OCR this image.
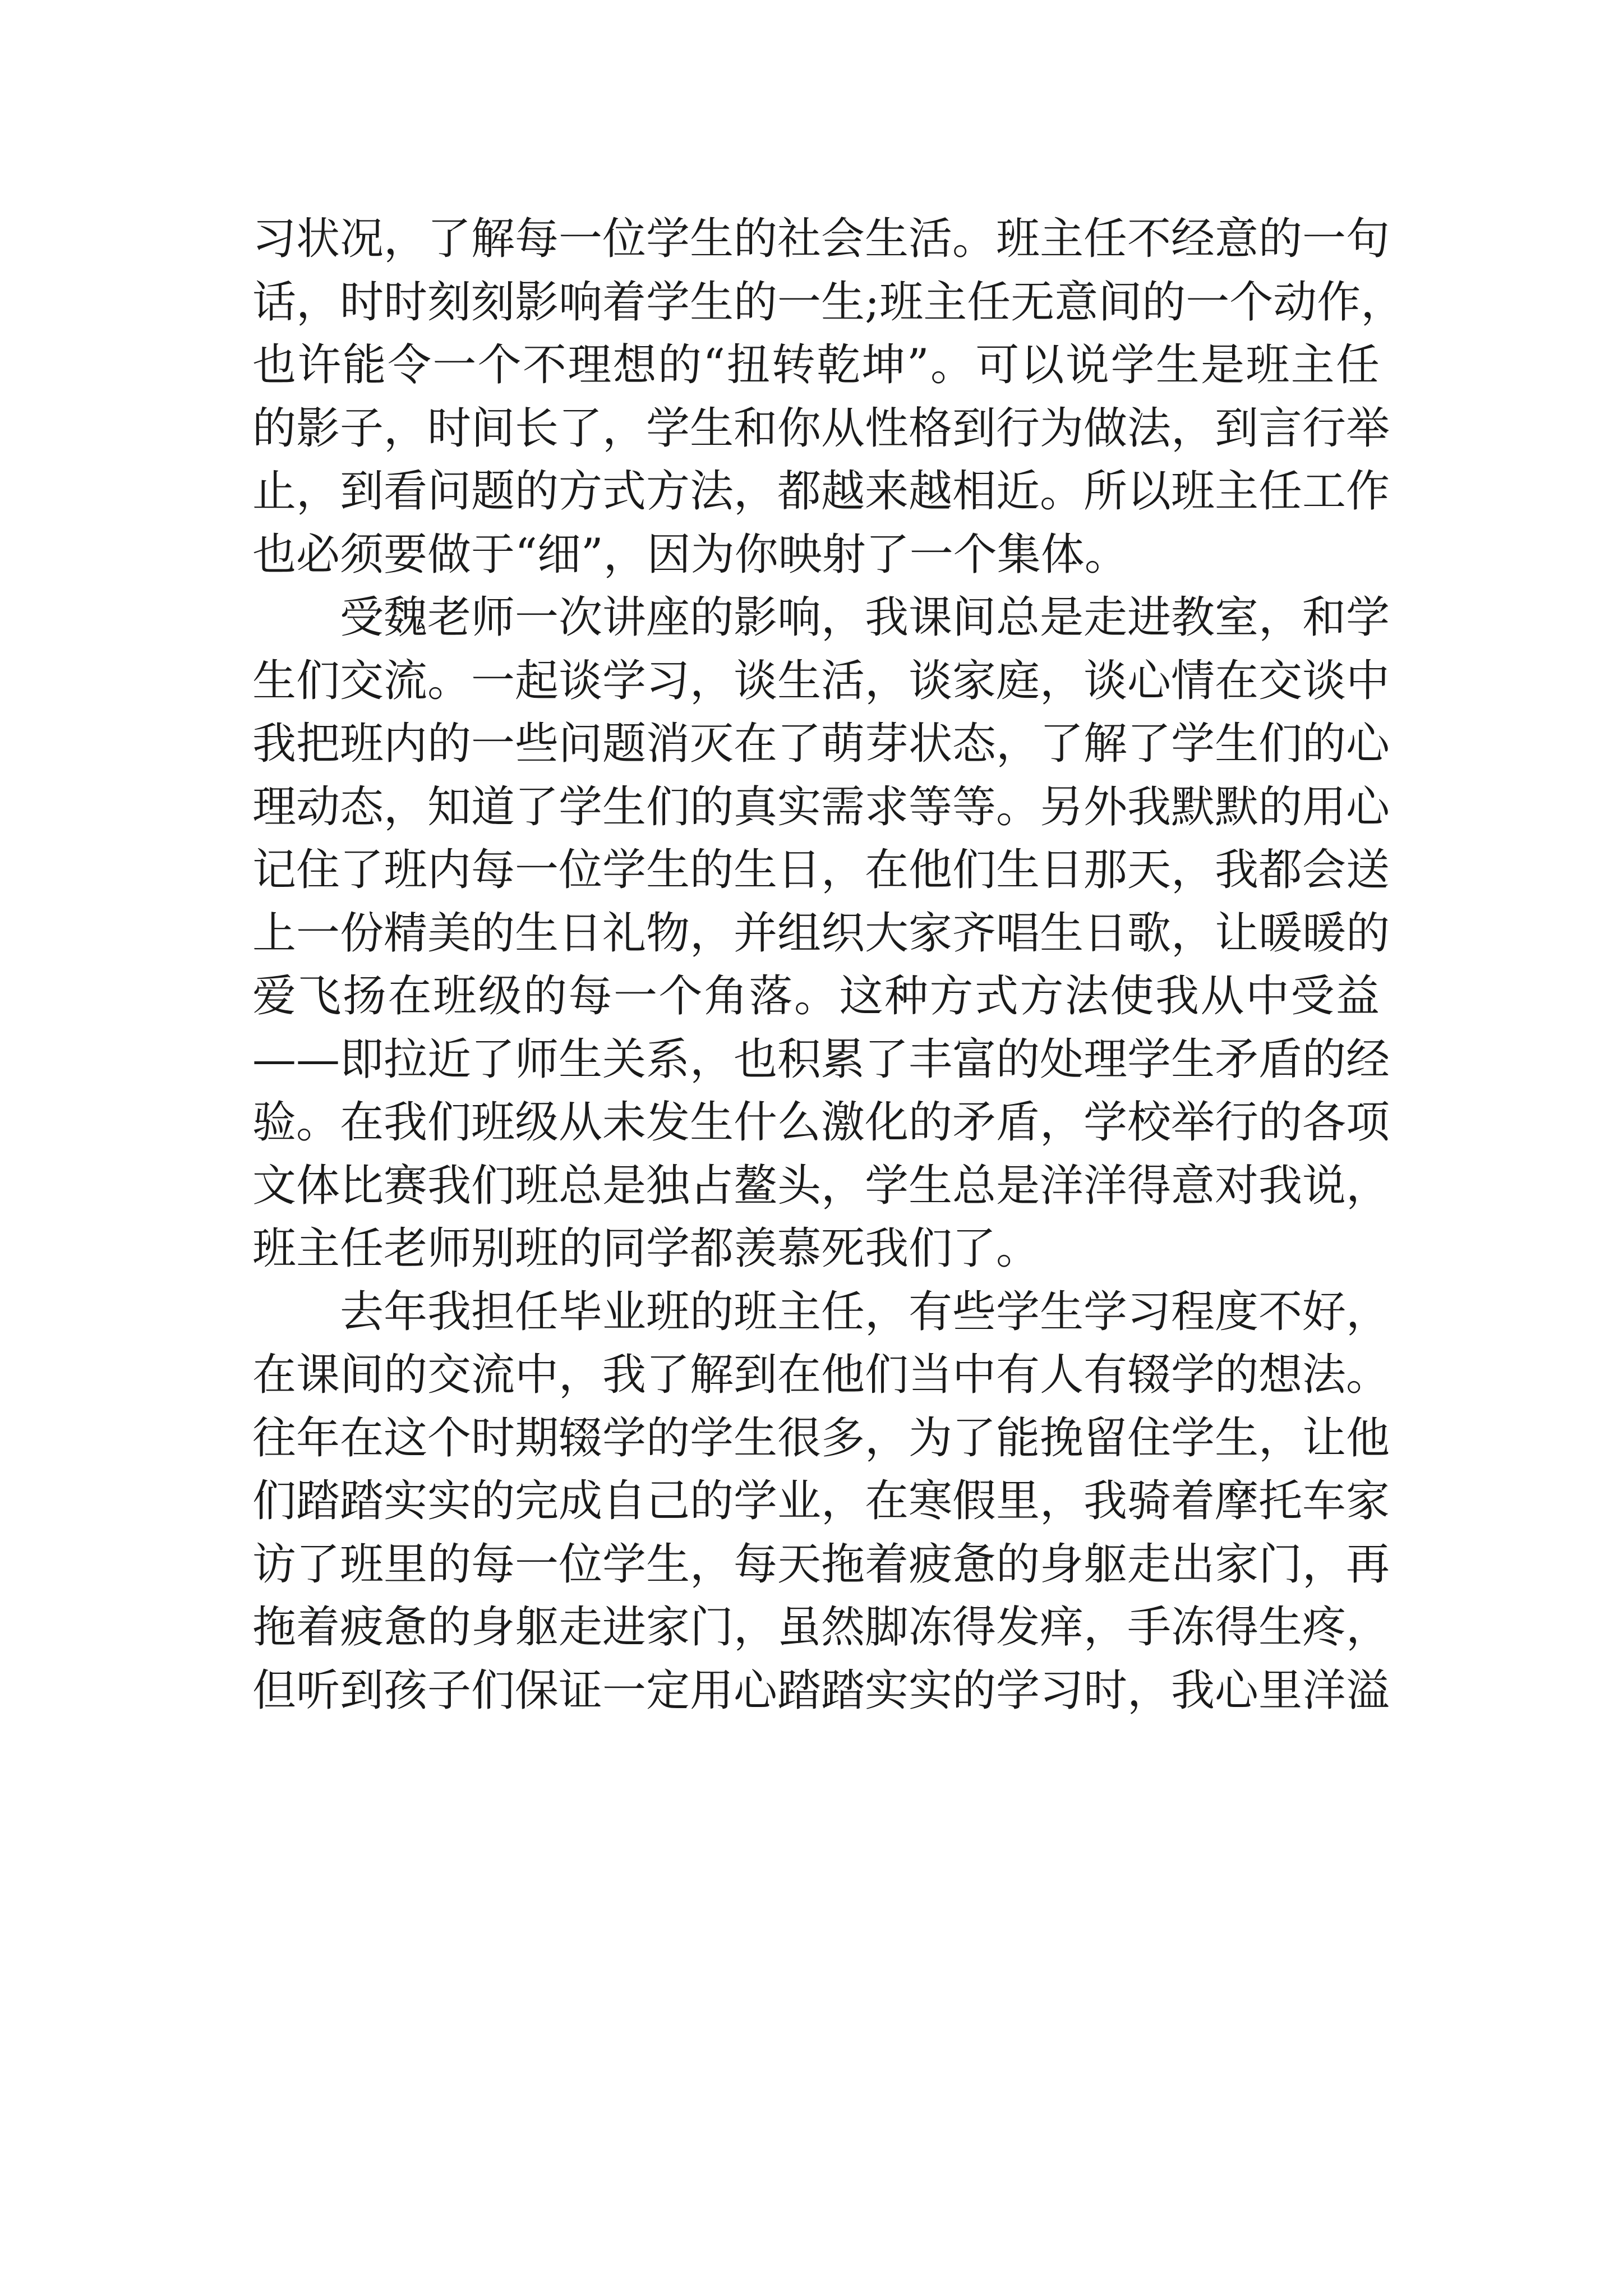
习状况，了解每一位学生的社会生活。班主任不经意的一句
话，时时刻刻影响着学生的一生;班主任无意间的一个动作，
也许能令一个不理想的“扭转乾坤”。可以说学生是班主任
的影子，时间长了，学生和你从性格到行为做法，到言行举
止，到看问题的方式方法，都越来越相近。所以班主任工作
也必须要做于“细”，因为你映射了一个集体。
受魏老师一次讲座的影响，我课间总是走进教室，和学
生们交流。一起谈学习，谈生活，谈家庭，谈心情在交谈中
我把班内的一些问题消灭在了萌芽状态，了解了学生们的心
理动态，知道了学生们的真实需求等等。另外我默默的用心
记住了班内每一位学生的生日，在他们生日那天，我都会送
上一份精美的生日礼物，并组织大家齐唱生日歌，让暖暖的
爱飞扬在班级的每一个角落。这种方式方法使我从中受益
——即拉近了师生关系，也积累了丰富的处理学生矛盾的经
验。在我们班级从未发生什么激化的矛盾，学校举行的各项
文体比赛我们班总是独占鳌头，学生总是洋洋得意对我说，
班主任老师别班的同学都羡慕死我们了。
去年我担任毕业班的班主任，有些学生学习程度不好，
在课间的交流中，我了解到在他们当中有人有辍学的想法。
往年在这个时期辍学的学生很多，为了能挽留住学生，让他
们踏踏实实的完成自己的学业，在寒假里，我骑着摩托车家
访了班里的每一位学生，每天拖着疲惫的身躯走出家门，再
拖着疲惫的身躯走进家门，虽然脚冻得发痒，手冻得生疼，
但听到孩子们保证一定用心踏踏实实的学习时，我心里洋溢
